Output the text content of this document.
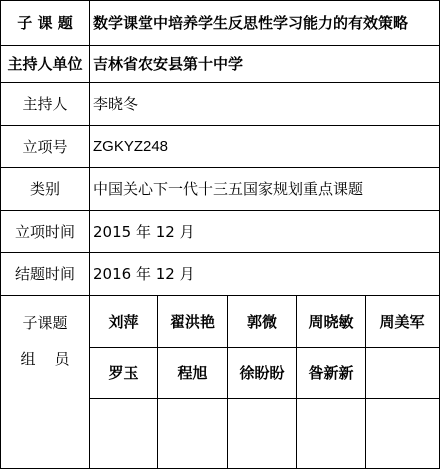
子 课 题	数学课堂中培养学生反思性学习能力的有效策略
主持人单位 吉林省农安县第十中学
主持人	李晓冬
立项号	ZGKYZ248
类别	中国关心下一代十三五国家规划重点课题
立项时间	2015 年 12 月
结题时间	2016 年 12 月
子课题
组    员
刘萍	翟洪艳	郭微	周晓敏	周美军
罗玉	程旭	徐盼盼	昝新新
